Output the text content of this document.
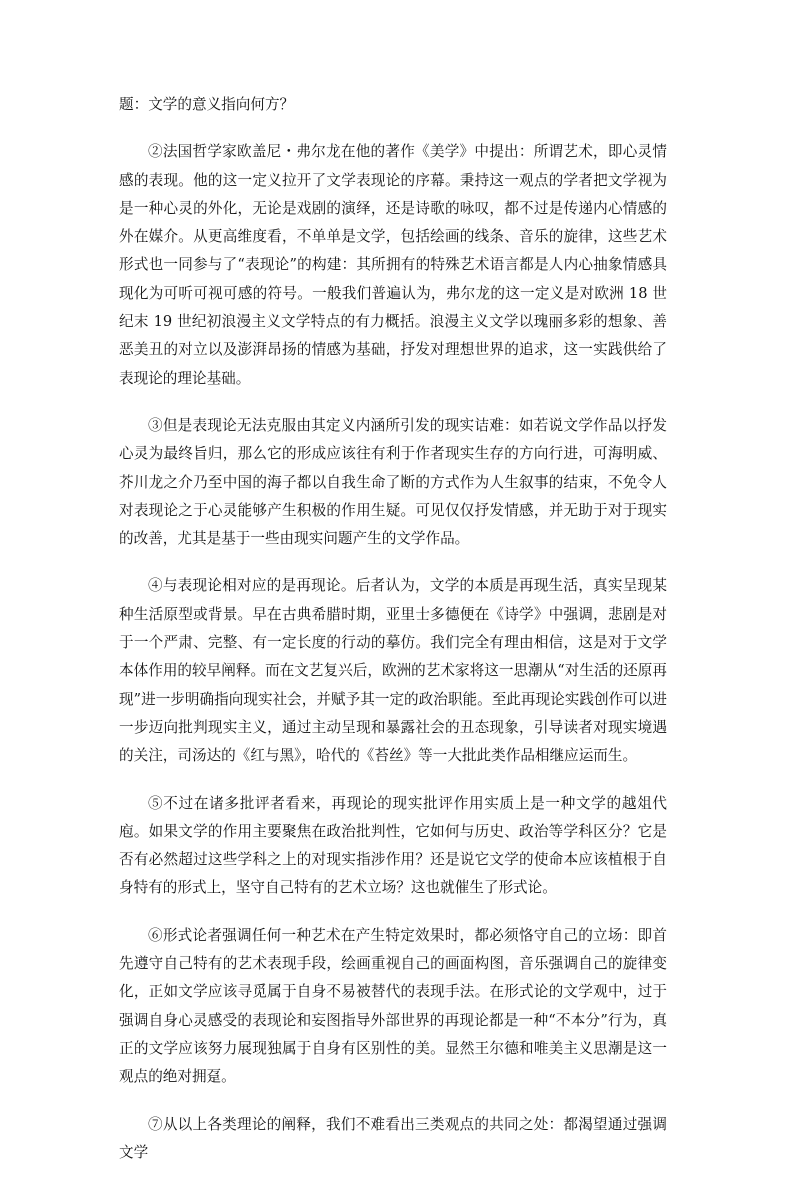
题：文学的意义指向何方？

②法国哲学家欧盖尼・弗尔龙在他的著作《美学》中提出：所谓艺术，即心灵情感的表现。他的这一定义拉开了文学表现论的序幕。秉持这一观点的学者把文学视为是一种心灵的外化，无论是戏剧的演绎，还是诗歌的咏叹，都不过是传递内心情感的外在媒介。从更高维度看，不单单是文学，包括绘画的线条、音乐的旋律，这些艺术形式也一同参与了“表现论”的构建：其所拥有的特殊艺术语言都是人内心抽象情感具现化为可听可视可感的符号。一般我们普遍认为，弗尔龙的这一定义是对欧洲 18 世纪末 19 世纪初浪漫主义文学特点的有力概括。浪漫主义文学以瑰丽多彩的想象、善恶美丑的对立以及澎湃昂扬的情感为基础，抒发对理想世界的追求，这一实践供给了表现论的理论基础。

③但是表现论无法克服由其定义内涵所引发的现实诘难：如若说文学作品以抒发心灵为最终旨归，那么它的形成应该往有利于作者现实生存的方向行进，可海明威、芥川龙之介乃至中国的海子都以自我生命了断的方式作为人生叙事的结束，不免令人对表现论之于心灵能够产生积极的作用生疑。可见仅仅抒发情感，并无助于对于现实的改善，尤其是基于一些由现实问题产生的文学作品。

④与表现论相对应的是再现论。后者认为，文学的本质是再现生活，真实呈现某种生活原型或背景。早在古典希腊时期，亚里士多德便在《诗学》中强调，悲剧是对于一个严肃、完整、有一定长度的行动的摹仿。我们完全有理由相信，这是对于文学本体作用的较早阐释。而在文艺复兴后，欧洲的艺术家将这一思潮从“对生活的还原再现”进一步明确指向现实社会，并赋予其一定的政治职能。至此再现论实践创作可以进一步迈向批判现实主义，通过主动呈现和暴露社会的丑态现象，引导读者对现实境遇的关注，司汤达的《红与黑》，哈代的《苔丝》等一大批此类作品相继应运而生。

⑤不过在诸多批评者看来，再现论的现实批评作用实质上是一种文学的越俎代庖。如果文学的作用主要聚焦在政治批判性，它如何与历史、政治等学科区分？它是否有必然超过这些学科之上的对现实指涉作用？还是说它文学的使命本应该植根于自身特有的形式上，坚守自己特有的艺术立场？这也就催生了形式论。

⑥形式论者强调任何一种艺术在产生特定效果时，都必须恪守自己的立场：即首先遵守自己特有的艺术表现手段，绘画重视自己的画面构图，音乐强调自己的旋律变化，正如文学应该寻觅属于自身不易被替代的表现手法。在形式论的文学观中，过于强调自身心灵感受的表现论和妄图指导外部世界的再现论都是一种“不本分”行为，真正的文学应该努力展现独属于自身有区别性的美。显然王尔德和唯美主义思潮是这一观点的绝对拥趸。

⑦从以上各类理论的阐释，我们不难看出三类观点的共同之处：都渴望通过强调文学
